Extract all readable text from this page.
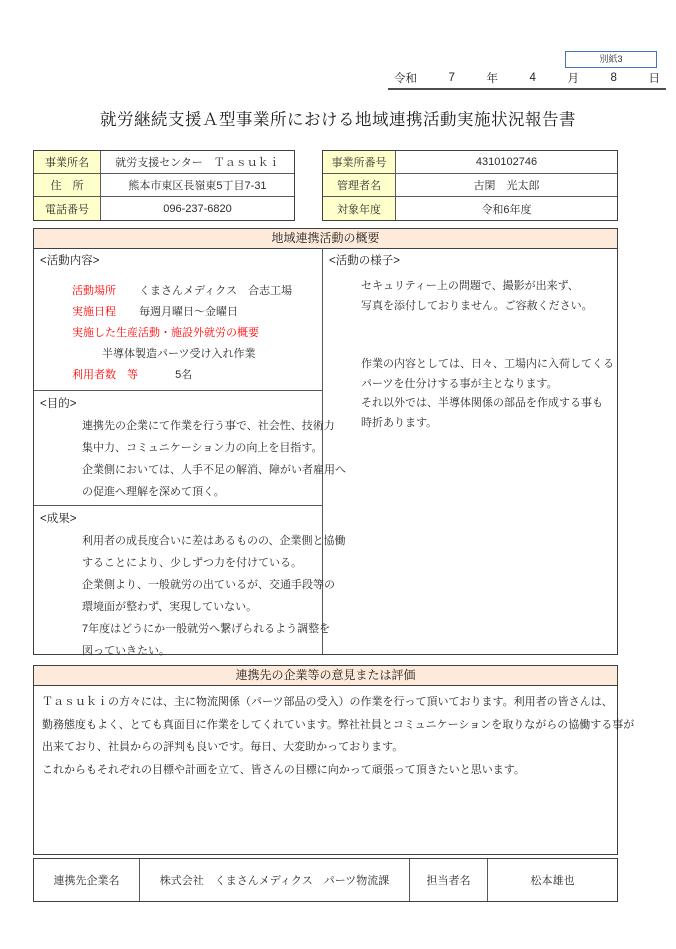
別紙3
令和	7	年	4	月	8	日
就労継続支援Ａ型事業所における地域連携活動実施状況報告書
事業所名	就労支援センター　Ｔａｓｕｋｉ
住　所	熊本市東区長嶺東5丁目7-31
電話番号	096-237-6820
事業所番号	4310102746
管理者名	古閑　光太郎
対象年度	令和6年度
地域連携活動の概要
<活動内容>
活動場所 くまさんメディクス　合志工場
実施日程 毎週月曜日～金曜日
実施した生産活動・施設外就労の概要
半導体製造パーツ受け入れ作業
利用者数　等	5名
<目的>
連携先の企業にて作業を行う事で、社会性、技術力
集中力、コミュニケーション力の向上を目指す。
企業側においては、人手不足の解消、障がい者雇用へ
の促進へ理解を深めて頂く。
<成果>
利用者の成長度合いに差はあるものの、企業側と協働
することにより、少しずつ力を付けている。
企業側より、一般就労の出ているが、交通手段等の
環境面が整わず、実現していない。
7年度はどうにか一般就労へ繋げられるよう調整を
図っていきたい。
<活動の様子>
セキュリティー上の問題で、撮影が出来ず、
写真を添付しておりません。ご容赦ください。
作業の内容としては、日々、工場内に入荷してくる
パーツを仕分けする事が主となります。
それ以外では、半導体関係の部品を作成する事も
時折あります。
連携先の企業等の意見または評価
Ｔａｓｕｋｉの方々には、主に物流関係（パーツ部品の受入）の作業を行って頂いております。利用者の皆さんは、
勤務態度もよく、とても真面目に作業をしてくれています。弊社社員とコミュニケーションを取りながらの協働する事が
出来ており、社員からの評判も良いです。毎日、大変助かっております。
これからもそれぞれの目標や計画を立て、皆さんの目標に向かって頑張って頂きたいと思います。
連携先企業名	株式会社　くまさんメディクス　パーツ物流課	担当者名	松本雄也
